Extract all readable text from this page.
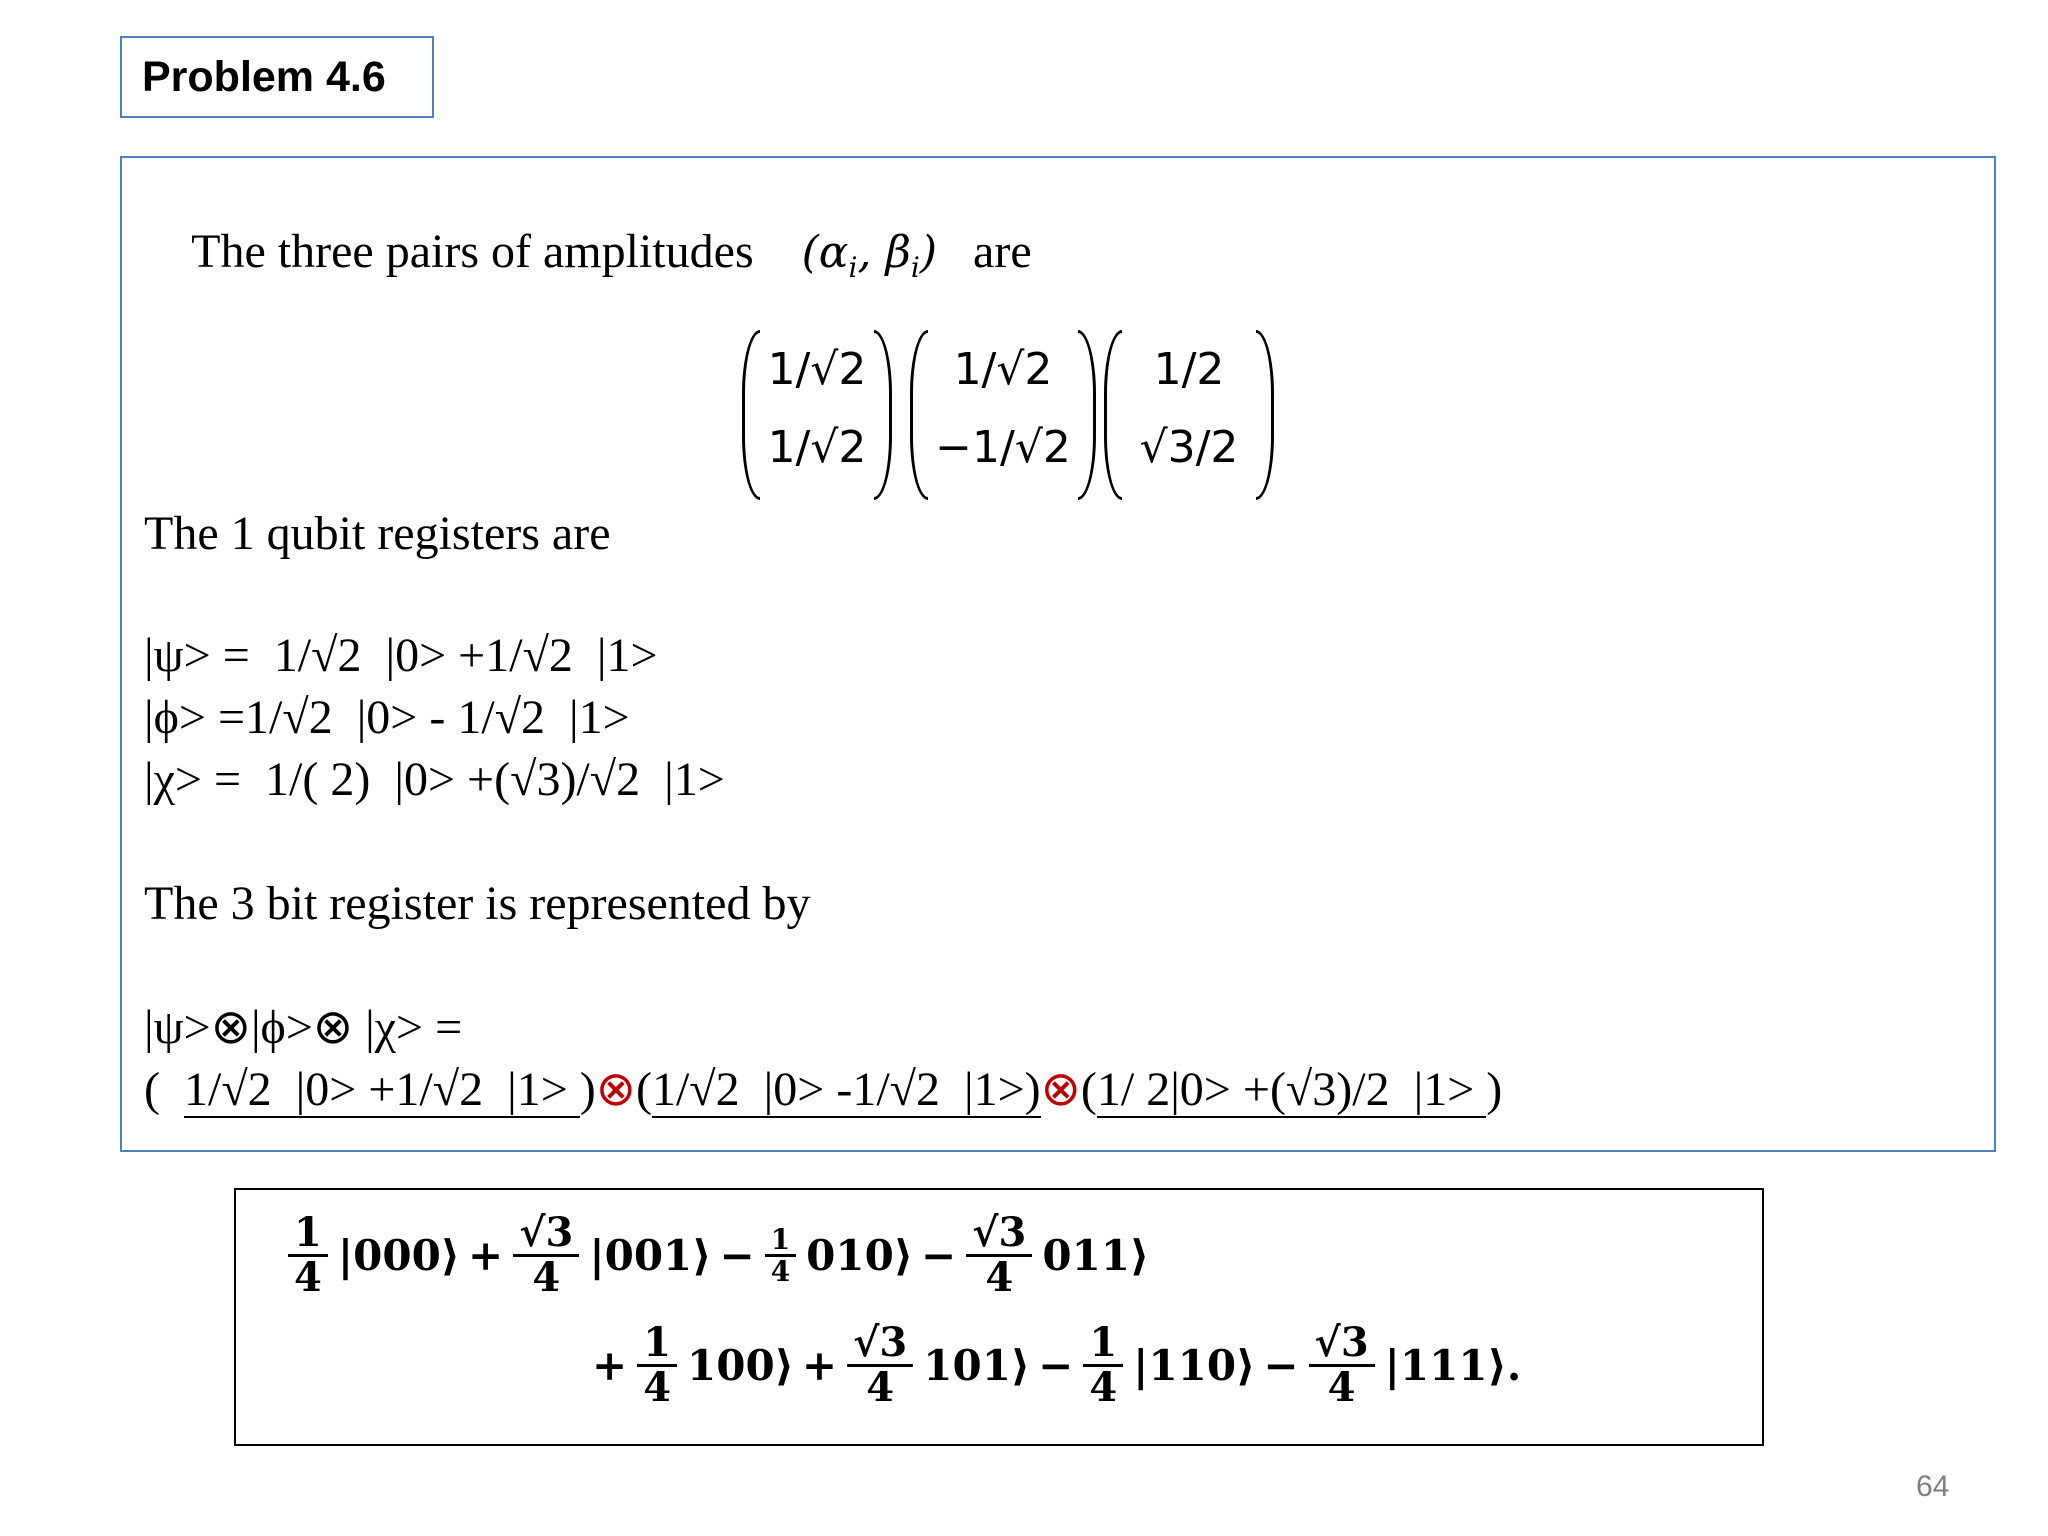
Problem 4.6

The three pairs of amplitudes ($\alpha_i$, $\beta_i$) are

1/√2
1/√2
1/√2
−1/√2
1/2
√3/2
The 1 qubit registers are
|ψ> =  1/√2  |0> +1/√2  |1>
|ϕ> =1/√2  |0> - 1/√2  |1>
|χ> =  1/( 2)  |0> +(√3)/√2  |1>
The 3 bit register is represented by
|ψ>⊗|ϕ>⊗ |χ> =
(  1/√2  |0> +1/√2  |1> )⊗(1/√2  |0> -1/√2  |1>)⊗(1/ 2|0> +(√3)/2  |1> )
$\frac{1}{4}$ |000⟩ + $\frac{√3}{4}$ |001⟩ − $\frac{1}{4}$ 010⟩ − $\frac{√3}{4}$ 011⟩
+ $\frac{1}{4}$ 100⟩ + $\frac{√3}{4}$ 101⟩ − $\frac{1}{4}$ |110⟩ − $\frac{√3}{4}$ |111⟩.
64
